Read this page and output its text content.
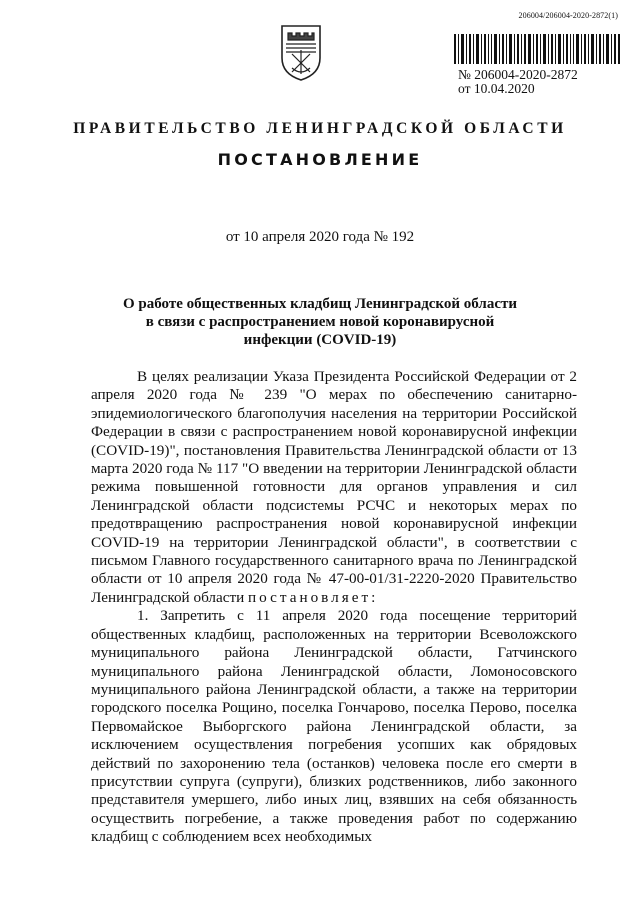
206004/206004-2020-2872(1)
№ 206004-2020-2872
от 10.04.2020
ПРАВИТЕЛЬСТВО ЛЕНИНГРАДСКОЙ ОБЛАСТИ
ПОСТАНОВЛЕНИЕ
от 10 апреля 2020 года № 192
О работе общественных кладбищ Ленинградской области
в связи с распространением новой коронавирусной
инфекции (COVID-19)

В целях реализации Указа Президента Российской Федерации от 2 апреля 2020 года № 239 "О мерах по обеспечению санитарно-эпидемиологического благополучия населения на территории Российской Федерации в связи с распространением новой коронавирусной инфекции (COVID-19)", постановления Правительства Ленинградской области от 13 марта 2020 года № 117 "О введении на территории Ленинградской области режима повышенной готовности для органов управления и сил Ленинградской области подсистемы РСЧС и некоторых мерах по предотвращению распространения новой коронавирусной инфекции COVID-19 на территории Ленинградской области", в соответствии с письмом Главного государственного санитарного врача по Ленинградской области от 10 апреля 2020 года № 47-00-01/31-2220-2020 Правительство Ленинградской области постановляет:

1. Запретить с 11 апреля 2020 года посещение территорий общественных кладбищ, расположенных на территории Всеволожского муниципального района Ленинградской области, Гатчинского муниципального района Ленинградской области, Ломоносовского муниципального района Ленинградской области, а также на территории городского поселка Рощино, поселка Гончарово, поселка Перово, поселка Первомайское Выборгского района Ленинградской области, за исключением осуществления погребения усопших как обрядовых действий по захоронению тела (останков) человека после его смерти в присутствии супруга (супруги), близких родственников, либо законного представителя умершего, либо иных лиц, взявших на себя обязанность осуществить погребение, а также проведения работ по содержанию кладбищ с соблюдением всех необходимых
